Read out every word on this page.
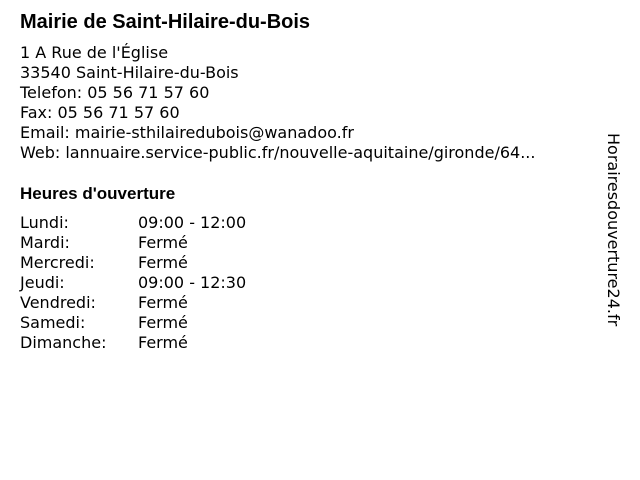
Mairie de Saint-Hilaire-du-Bois
1 A Rue de l'Église
33540 Saint-Hilaire-du-Bois
Telefon: 05 56 71 57 60
Fax: 05 56 71 57 60
Email: mairie-sthilairedubois@wanadoo.fr
Web: lannuaire.service-public.fr/nouvelle-aquitaine/gironde/64...
Heures d'ouverture
Lundi:	09:00 - 12:00
Mardi:	Fermé
Mercredi:	Fermé
Jeudi:	09:00 - 12:30
Vendredi:	Fermé
Samedi:	Fermé
Dimanche: Fermé
Horairesdouverture24.fr
